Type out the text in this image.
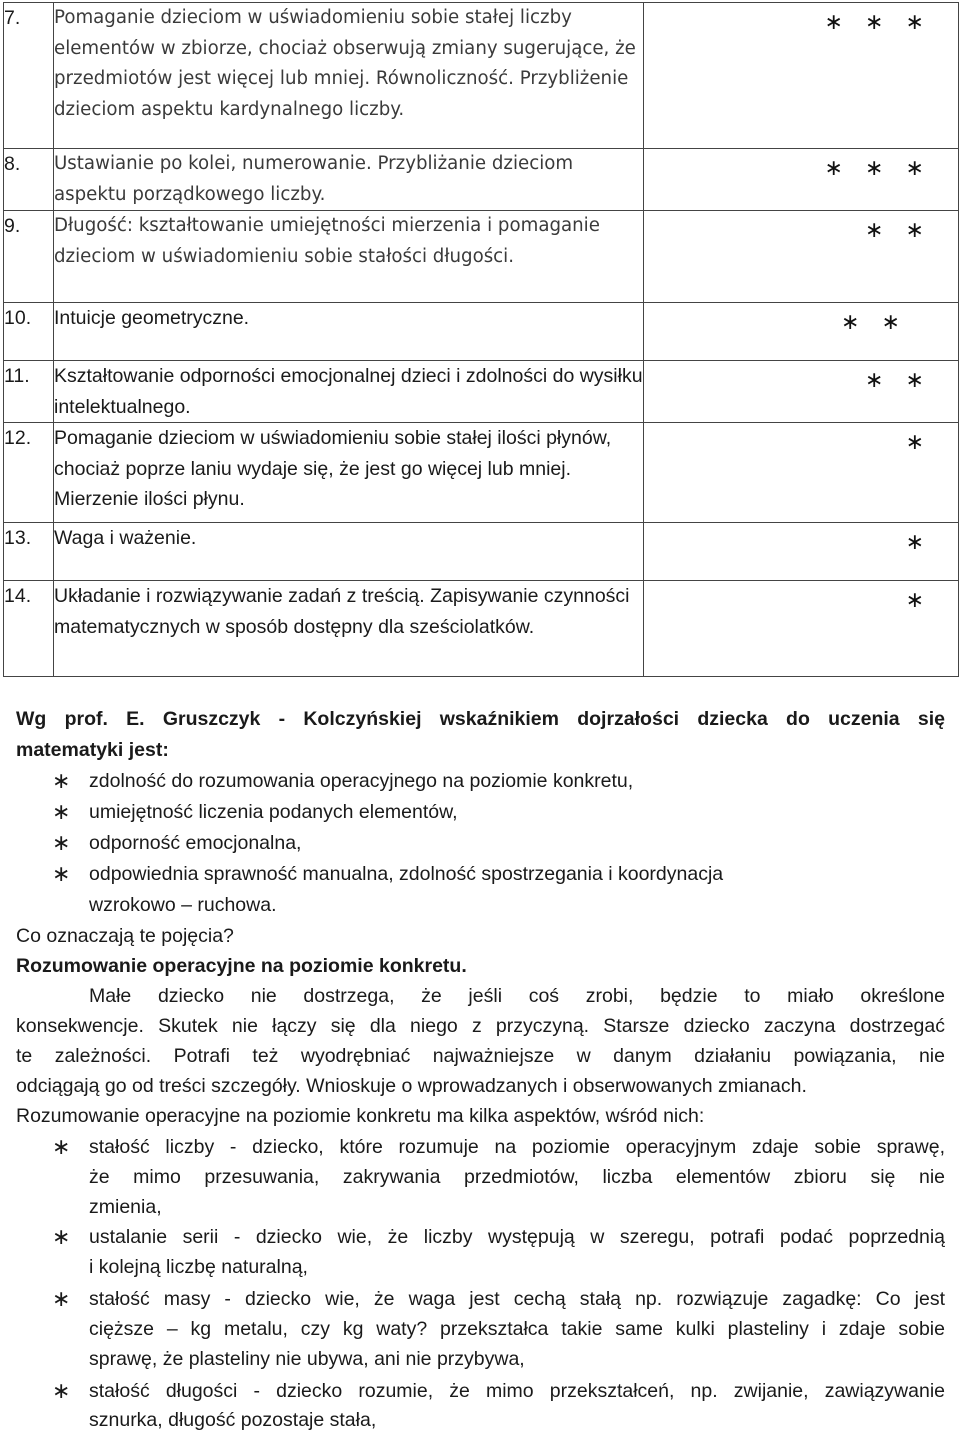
7.	Pomaganie dzieciom w uświadomieniu sobie stałej liczby elementów w zbiorze, chociaż obserwują zmiany sugerujące, że przedmiotów jest więcej lub mniej. Równoliczność. Przybliżenie dzieciom aspektu kardynalnego liczby.	∗ ∗ ∗

8.	Ustawianie po kolei, numerowanie. Przybliżanie dzieciom aspektu porządkowego liczby.	∗ ∗ ∗

9.	Długość: kształtowanie umiejętności mierzenia i pomaganie dzieciom w uświadomieniu sobie stałości długości.	∗ ∗

10.	Intuicje geometryczne.	∗ ∗

11.	Kształtowanie odporności emocjonalnej dzieci i zdolności do wysiłku intelektualnego.	∗ ∗

12.	Pomaganie dzieciom w uświadomieniu sobie stałej ilości płynów, chociaż poprze laniu wydaje się, że jest go więcej lub mniej. Mierzenie ilości płynu.	∗

13.	Waga i ważenie.	∗

14.	Układanie i rozwiązywanie zadań z treścią. Zapisywanie czynności matematycznych w sposób dostępny dla sześciolatków.	∗
Wg prof. E. Gruszczyk - Kolczyńskiej wskaźnikiem dojrzałości dziecka do uczenia się
matematyki jest:
∗ zdolność do rozumowania operacyjnego na poziomie konkretu,
∗ umiejętność liczenia podanych elementów,
∗ odporność emocjonalna,
∗ odpowiednia sprawność manualna, zdolność spostrzegania i koordynacja
wzrokowo – ruchowa.
Co oznaczają te pojęcia?
Rozumowanie operacyjne na poziomie konkretu.
Małe dziecko nie dostrzega, że jeśli coś zrobi, będzie to miało określone
konsekwencje. Skutek nie łączy się dla niego z przyczyną. Starsze dziecko zaczyna dostrzegać
te zależności. Potrafi też wyodrębniać najważniejsze w danym działaniu powiązania, nie
odciągają go od treści szczegóły. Wnioskuje o wprowadzanych i obserwowanych zmianach.
Rozumowanie operacyjne na poziomie konkretu ma kilka aspektów, wśród nich:
∗ stałość liczby - dziecko, które rozumuje na poziomie operacyjnym zdaje sobie sprawę,
że mimo przesuwania, zakrywania przedmiotów, liczba elementów zbioru się nie
zmienia,
∗ ustalanie serii - dziecko wie, że liczby występują w szeregu, potrafi podać poprzednią
i kolejną liczbę naturalną,
∗ stałość masy - dziecko wie, że waga jest cechą stałą np. rozwiązuje zagadkę: Co jest
cięższe – kg metalu, czy kg waty? przekształca takie same kulki plasteliny i zdaje sobie
sprawę, że plasteliny nie ubywa, ani nie przybywa,
∗ stałość długości - dziecko rozumie, że mimo przekształceń, np. zwijanie, zawiązywanie
sznurka, długość pozostaje stała,
